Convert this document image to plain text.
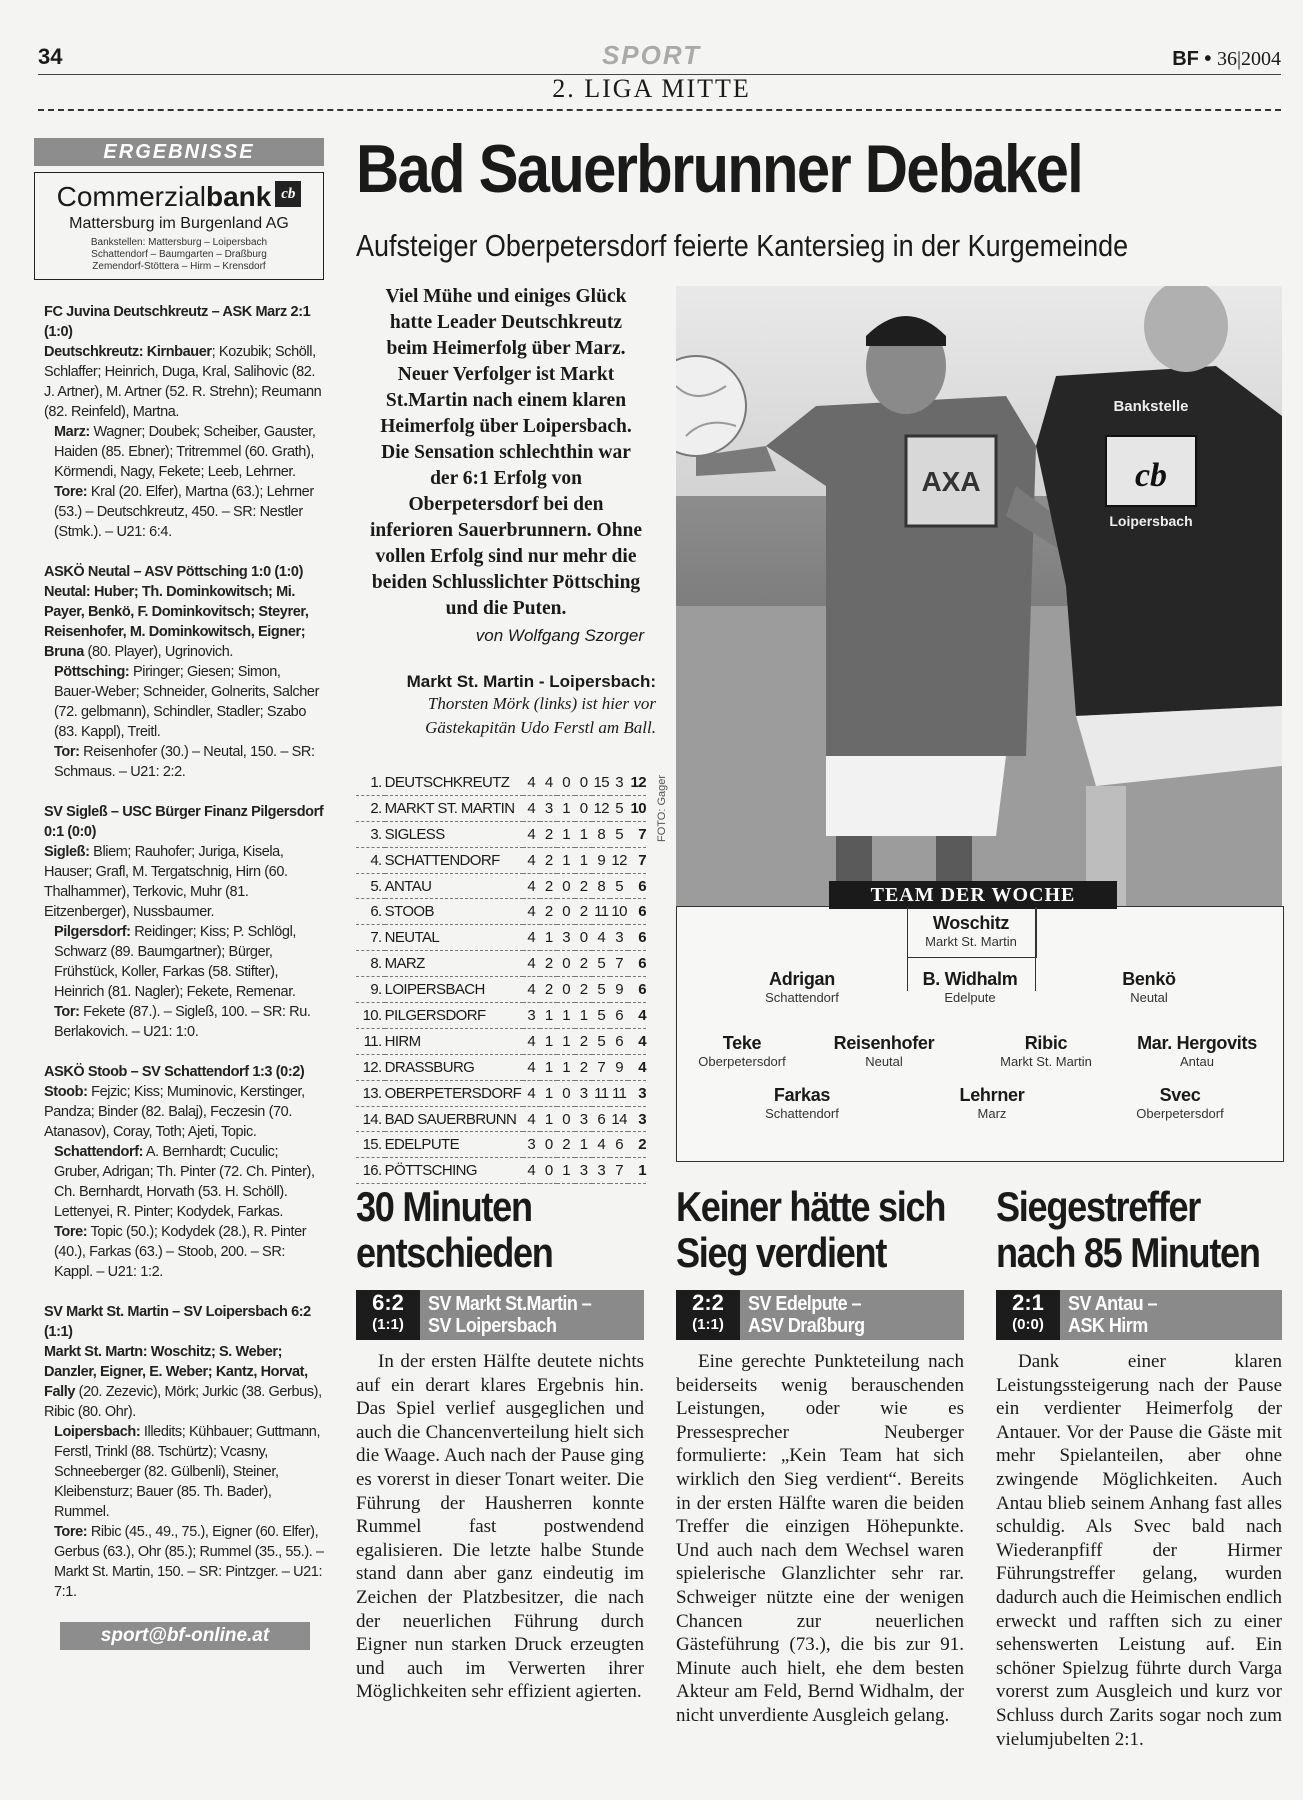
34	SPORT	BF • 36|2004
2. LIGA MITTE
ERGEBNISSE
Commerzialbank cb
Mattersburg im Burgenland AG
Bankstellen: Mattersburg – Loipersbach
Schattendorf – Baumgarten – Draßburg
Zemendorf-Stöttera – Hirm – Krensdorf

FC Juvina Deutschkreutz – ASK Marz 2:1 (1:0)

Deutschkreutz: Kirnbauer; Kozubik; Schöll, Schlaffer; Heinrich, Duga, Kral, Salihovic (82. J. Artner), M. Artner (52. R. Strehn); Reumann (82. Reinfeld), Martna.

Marz: Wagner; Doubek; Scheiber, Gauster, Haiden (85. Ebner); Tritremmel (60. Grath), Körmendi, Nagy, Fekete; Leeb, Lehrner.

Tore: Kral (20. Elfer), Martna (63.); Lehrner (53.) – Deutschkreutz, 450. – SR: Nestler (Stmk.). – U21: 6:4.

ASKÖ Neutal – ASV Pöttsching 1:0 (1:0)

Neutal: Huber; Th. Dominkowitsch; Mi. Payer, Benkö, F. Dominkovitsch; Steyrer, Reisenhofer, M. Dominkowitsch, Eigner; Bruna (80. Player), Ugrinovich.

Pöttsching: Piringer; Giesen; Simon, Bauer-Weber; Schneider, Golnerits, Salcher (72. gelbmann), Schindler, Stadler; Szabo (83. Kappl), Treitl.

Tor: Reisenhofer (30.) – Neutal, 150. – SR: Schmaus. – U21: 2:2.

SV Sigleß – USC Bürger Finanz Pilgersdorf 0:1 (0:0)

Sigleß: Bliem; Rauhofer; Juriga, Kisela, Hauser; Grafl, M. Tergatschnig, Hirn (60. Thalhammer), Terkovic, Muhr (81. Eitzenberger), Nussbaumer.

Pilgersdorf: Reidinger; Kiss; P. Schlögl, Schwarz (89. Baumgartner); Bürger, Frühstück, Koller, Farkas (58. Stifter), Heinrich (81. Nagler); Fekete, Remenar.

Tor: Fekete (87.). – Sigleß, 100. – SR: Ru. Berlakovich. – U21: 1:0.

ASKÖ Stoob – SV Schattendorf 1:3 (0:2)

Stoob: Fejzic; Kiss; Muminovic, Kerstinger, Pandza; Binder (82. Balaj), Feczesin (70. Atanasov), Coray, Toth; Ajeti, Topic.

Schattendorf: A. Bernhardt; Cuculic; Gruber, Adrigan; Th. Pinter (72. Ch. Pinter), Ch. Bernhardt, Horvath (53. H. Schöll). Lettenyei, R. Pinter; Kodydek, Farkas.

Tore: Topic (50.); Kodydek (28.), R. Pinter (40.), Farkas (63.) – Stoob, 200. – SR: Kappl. – U21: 1:2.

SV Markt St. Martin – SV Loipersbach 6:2 (1:1)

Markt St. Martn: Woschitz; S. Weber; Danzler, Eigner, E. Weber; Kantz, Horvat, Fally (20. Zezevic), Mörk; Jurkic (38. Gerbus), Ribic (80. Ohr).

Loipersbach: Illedits; Kühbauer; Guttmann, Ferstl, Trinkl (88. Tschürtz); Vcasny, Schneeberger (82. Gülbenli), Steiner, Kleibensturz; Bauer (85. Th. Bader), Rummel.

Tore: Ribic (45., 49., 75.), Eigner (60. Elfer), Gerbus (63.), Ohr (85.); Rummel (35., 55.). – Markt St. Martin, 150. – SR: Pintzger. – U21: 7:1.

sport@bf-online.at
Bad Sauerbrunner Debakel
Aufsteiger Oberpetersdorf feierte Kantersieg in der Kurgemeinde
Viel Mühe und einiges Glück hatte Leader Deutschkreutz beim Heimerfolg über Marz. Neuer Verfolger ist Markt St.Martin nach einem klaren Heimerfolg über Loipersbach. Die Sensation schlechthin war der 6:1 Erfolg von Oberpetersdorf bei den inferioren Sauerbrunnern. Ohne vollen Erfolg sind nur mehr die beiden Schlusslichter Pöttsching und die Puten.
von Wolfgang Szorger
Markt St. Martin - Loipersbach:
Thorsten Mörk (links) ist hier vor Gästekapitän Udo Ferstl am Ball.
1.	DEUTSCHKREUTZ	4	4	0	0	15	3	12
2.	MARKT ST. MARTIN	4	3	1	0	12	5	10
3.	SIGLESS	4	2	1	1	8	5	7
4.	SCHATTENDORF	4	2	1	1	9	12	7
5.	ANTAU	4	2	0	2	8	5	6
6.	STOOB	4	2	0	2	11	10	6
7.	NEUTAL	4	1	3	0	4	3	6
8.	MARZ	4	2	0	2	5	7	6
9.	LOIPERSBACH	4	2	0	2	5	9	6
10.	PILGERSDORF	3	1	1	1	5	6	4
11.	HIRM	4	1	1	2	5	6	4
12.	DRASSBURG	4	1	1	2	7	9	4
13.	OBERPETERSDORF	4	1	0	3	11	11	3
14.	BAD SAUERBRUNN	4	1	0	3	6	14	3
15.	EDELPUTE	3	0	2	1	4	6	2
16.	PÖTTSCHING	4	0	1	3	3	7	1
AXA	cb
Bankstelle
Loipersbach
FOTO: Gager
TEAM DER WOCHE
Woschitz
Markt St. Martin
Adrigan
Schattendorf
B. Widhalm
Edelpute
Benkö
Neutal
Teke
Oberpetersdorf
Reisenhofer
Neutal
Ribic
Markt St. Martin
Mar. Hergovits
Antau
Farkas
Schattendorf
Lehrner
Marz
Svec
Oberpetersdorf
30 Minuten
entschieden
6:2
(1:1)
SV Markt St.Martin –
SV Loipersbach

In der ersten Hälfte deutete nichts auf ein derart klares Ergebnis hin. Das Spiel verlief ausgeglichen und auch die Chancenverteilung hielt sich die Waage. Auch nach der Pause ging es vorerst in dieser Tonart weiter. Die Führung der Hausherren konnte Rummel fast postwendend egalisieren. Die letzte halbe Stunde stand dann aber ganz eindeutig im Zeichen der Platzbesitzer, die nach der neuerlichen Führung durch Eigner nun starken Druck erzeugten und auch im Verwerten ihrer Möglichkeiten sehr effizient agierten.

Keiner hätte sich
Sieg verdient
2:2
(1:1)
SV Edelpute –
ASV Draßburg

Eine gerechte Punkteteilung nach beiderseits wenig berauschenden Leistungen, oder wie es Pressesprecher Neuberger formulierte: „Kein Team hat sich wirklich den Sieg verdient“. Bereits in der ersten Hälfte waren die beiden Treffer die einzigen Höhepunkte. Und auch nach dem Wechsel waren spielerische Glanzlichter sehr rar. Schweiger nützte eine der wenigen Chancen zur neuerlichen Gästeführung (73.), die bis zur 91. Minute auch hielt, ehe dem besten Akteur am Feld, Bernd Widhalm, der nicht unverdiente Ausgleich gelang.

Siegestreffer
nach 85 Minuten
2:1
(0:0)
SV Antau –
ASK Hirm

Dank einer klaren Leistungssteigerung nach der Pause ein verdienter Heimerfolg der Antauer. Vor der Pause die Gäste mit mehr Spielanteilen, aber ohne zwingende Möglichkeiten. Auch Antau blieb seinem Anhang fast alles schuldig. Als Svec bald nach Wiederanpfiff der Hirmer Führungstreffer gelang, wurden dadurch auch die Heimischen endlich erweckt und rafften sich zu einer sehenswerten Leistung auf. Ein schöner Spielzug führte durch Varga vorerst zum Ausgleich und kurz vor Schluss durch Zarits sogar noch zum vielumjubelten 2:1.
